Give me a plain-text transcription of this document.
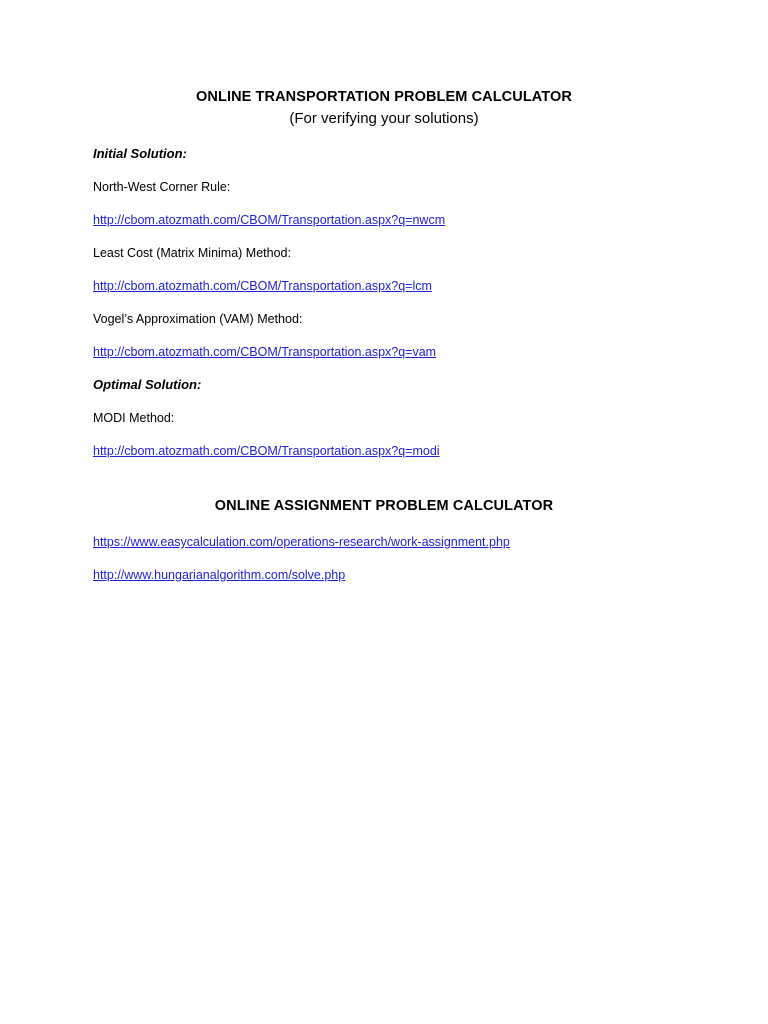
ONLINE TRANSPORTATION PROBLEM CALCULATOR
(For verifying your solutions)
Initial Solution:
North-West Corner Rule:
http://cbom.atozmath.com/CBOM/Transportation.aspx?q=nwcm
Least Cost (Matrix Minima) Method:
http://cbom.atozmath.com/CBOM/Transportation.aspx?q=lcm
Vogel’s Approximation (VAM) Method:
http://cbom.atozmath.com/CBOM/Transportation.aspx?q=vam
Optimal Solution:
MODI Method:
http://cbom.atozmath.com/CBOM/Transportation.aspx?q=modi
ONLINE ASSIGNMENT PROBLEM CALCULATOR
https://www.easycalculation.com/operations-research/work-assignment.php
http://www.hungarianalgorithm.com/solve.php
